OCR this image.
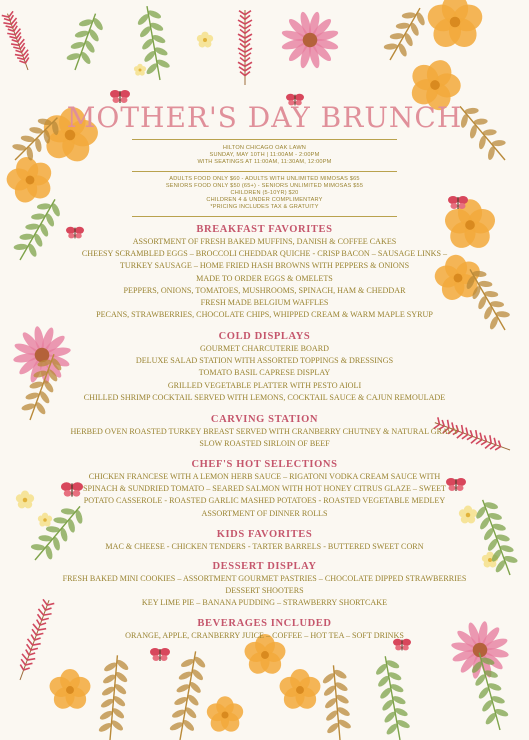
MOTHER'S DAY BRUNCH
HILTON CHICAGO OAK LAWN
SUNDAY, MAY 10TH | 11:00AM - 2:00PM
WITH SEATINGS AT 11:00AM, 11:30AM, 12:00PM
ADULTS FOOD ONLY $60 - ADULTS WITH UNLIMITED MIMOSAS $65
SENIORS FOOD ONLY $50 (65+) - SENIORS UNLIMITED MIMOSAS $55
CHILDREN (5-10YR) $20
CHILDREN 4 & UNDER COMPLIMENTARY
*PRICING INCLUDES TAX & GRATUITY
BREAKFAST FAVORITES
ASSORTMENT OF FRESH BAKED MUFFINS, DANISH & COFFEE CAKES
CHEESY SCRAMBLED EGGS – BROCCOLI CHEDDAR QUICHE - CRISP BACON – SAUSAGE LINKS –
TURKEY SAUSAGE – HOME FRIED HASH BROWNS WITH PEPPERS & ONIONS
MADE TO ORDER EGGS & OMELETS
PEPPERS, ONIONS, TOMATOES, MUSHROOMS, SPINACH, HAM & CHEDDAR
FRESH MADE BELGIUM WAFFLES
PECANS, STRAWBERRIES, CHOCOLATE CHIPS, WHIPPED CREAM & WARM MAPLE SYRUP
COLD DISPLAYS
GOURMET CHARCUTERIE BOARD
DELUXE SALAD STATION WITH ASSORTED TOPPINGS & DRESSINGS
TOMATO BASIL CAPRESE DISPLAY
GRILLED VEGETABLE PLATTER WITH PESTO AIOLI
CHILLED SHRIMP COCKTAIL SERVED WITH LEMONS, COCKTAIL SAUCE & CAJUN REMOULADE
CARVING STATION
HERBED OVEN ROASTED TURKEY BREAST SERVED WITH CRANBERRY CHUTNEY & NATURAL GRAVY
SLOW ROASTED SIRLOIN OF BEEF
CHEF'S HOT SELECTIONS
CHICKEN FRANCESE WITH A LEMON HERB SAUCE – RIGATONI VODKA CREAM SAUCE WITH
SPINACH & SUNDRIED TOMATO – SEARED SALMON WITH HOT HONEY CITRUS GLAZE – SWEET
POTATO CASSEROLE - ROASTED GARLIC MASHED POTATOES - ROASTED VEGETABLE MEDLEY
ASSORTMENT OF DINNER ROLLS
KIDS FAVORITES
MAC & CHEESE - CHICKEN TENDERS - TARTER BARRELS - BUTTERED SWEET CORN
DESSERT DISPLAY
FRESH BAKED MINI COOKIES – ASSORTMENT GOURMET PASTRIES – CHOCOLATE DIPPED STRAWBERRIES
DESSERT SHOOTERS
KEY LIME PIE – BANANA PUDDING – STRAWBERRY SHORTCAKE
BEVERAGES INCLUDED
ORANGE, APPLE, CRANBERRY JUICE – COFFEE – HOT TEA – SOFT DRINKS
